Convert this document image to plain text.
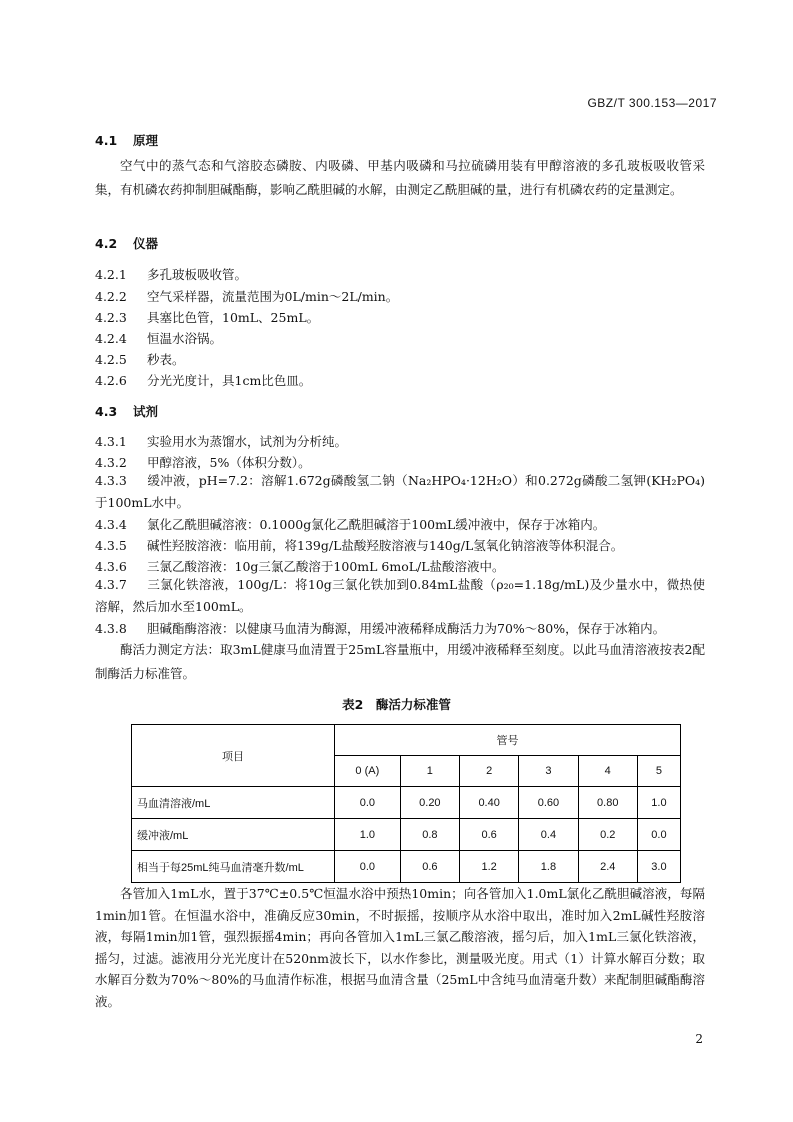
GBZ/T 300.153—2017
4.1 原理
空气中的蒸气态和气溶胶态磷胺、内吸磷、甲基内吸磷和马拉硫磷用装有甲醇溶液的多孔玻板吸收管采集，有机磷农药抑制胆碱酯酶，影响乙酰胆碱的水解，由测定乙酰胆碱的量，进行有机磷农药的定量测定。
4.2 仪器
4.2.1 多孔玻板吸收管。
4.2.2 空气采样器，流量范围为0L/min～2L/min。
4.2.3 具塞比色管，10mL、25mL。
4.2.4 恒温水浴锅。
4.2.5 秒表。
4.2.6 分光光度计，具1cm比色皿。
4.3 试剂
4.3.1 实验用水为蒸馏水，试剂为分析纯。
4.3.2 甲醇溶液，5%（体积分数）。
4.3.3 缓冲液，pH=7.2：溶解1.672g磷酸氢二钠（Na₂HPO₄·12H₂O）和0.272g磷酸二氢钾(KH₂PO₄)于100mL水中。
4.3.4 氯化乙酰胆碱溶液：0.1000g氯化乙酰胆碱溶于100mL缓冲液中，保存于冰箱内。
4.3.5 碱性羟胺溶液：临用前，将139g/L盐酸羟胺溶液与140g/L氢氧化钠溶液等体积混合。
4.3.6 三氯乙酸溶液：10g三氯乙酸溶于100mL 6moL/L盐酸溶液中。
4.3.7 三氯化铁溶液，100g/L：将10g三氯化铁加到0.84mL盐酸（ρ₂₀=1.18g/mL)及少量水中，微热使溶解，然后加水至100mL。
4.3.8 胆碱酯酶溶液：以健康马血清为酶源，用缓冲液稀释成酶活力为70%～80%，保存于冰箱内。
酶活力测定方法：取3mL健康马血清置于25mL容量瓶中，用缓冲液稀释至刻度。以此马血清溶液按表2配制酶活力标准管。
表2　酶活力标准管
项目	管号					
	0 (A)	1	2	3	4	5
马血清溶液/mL	0.0	0.20	0.40	0.60	0.80	1.0
缓冲液/mL	1.0	0.8	0.6	0.4	0.2	0.0
相当于每25mL纯马血清毫升数/mL	0.0	0.6	1.2	1.8	2.4	3.0
各管加入1mL水，置于37℃±0.5℃恒温水浴中预热10min；向各管加入1.0mL氯化乙酰胆碱溶液，每隔1min加1管。在恒温水浴中，准确反应30min，不时振摇，按顺序从水浴中取出，准时加入2mL碱性羟胺溶液，每隔1min加1管，强烈振摇4min；再向各管加入1mL三氯乙酸溶液，摇匀后，加入1mL三氯化铁溶液，摇匀，过滤。滤液用分光光度计在520nm波长下，以水作参比，测量吸光度。用式（1）计算水解百分数；取水解百分数为70%～80%的马血清作标准，根据马血清含量（25mL中含纯马血清毫升数）来配制胆碱酯酶溶液。
2
